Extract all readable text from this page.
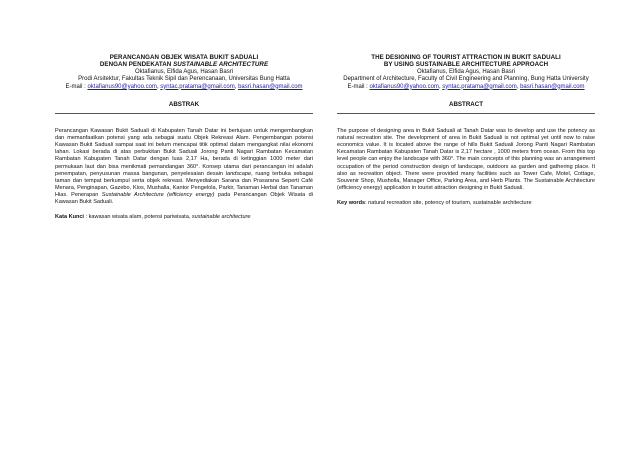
PERANCANGAN OBJEK WISATA BUKIT SADUALI
DENGAN PENDEKATAN SUSTAINABLE ARCHITECTURE
Oktafianus, Elfida Agus, Hasan Basri
Prodi Arsitektur, Fakultas Teknik Sipil dan Perencanaan, Universitas Bung Hatta
E-mail : oktafianus90@yahoo.com, syntac.pratama@gmail.com, basri.hasan@gmail.com
ABSTRAK
Perancangan Kawasan Bukit Saduali di Kabupaten Tanah Datar ini bertujuan untuk mengembangkan dan memanfaatkan potensi yang ada sebagai suatu Objek Rekreasi Alam. Pengembangan potensi Kawasan Bukit Saduali sampai saat ini belum mencapai titik optimal dalam mengangkat nilai ekonomi lahan. Lokasi berada di atas perbukitan Bukit Saduali Jorong Panti Nagari Rambatan Kecamatan Rambatan Kabupaten Tanah Datar dengan luas 2,17 Ha, berada di ketinggian 1000 meter dari permukaan laut dan bisa menikmati pemandangan 360°. Konsep utama dari perancangan ini adalah penempatan, penyusunan massa bangunan, penyelesaian desain landscape, ruang terbuka sebagai taman dan tempat berkumpul serta objek rekreasi. Menyediakan Sarana dan Prasarana Seperti Café Menara, Penginapan, Gazebo, Kios, Mushalla, Kantor Pengelola, Parkir, Tanaman Herbal dan Tanaman Hias. Penerapan Sustainable Architecture (efficiency energy) pada Perancangan Objek Wisata di Kawasan Bukit Saduali.
Kata Kunci : kawasan wisata alam, potensi pariwisata, sustainable architecture
THE DESIGNING OF TOURIST ATTRACTION IN BUKIT SADUALI
BY USING SUSTAINABLE ARCHITECTURE APPROACH
Oktafianus, Elfida Agus, Hasan Basri
Department of Architecture, Faculty of Civil Engineering and Planning, Bung Hatta University
E-mail : oktafianus90@yahoo.com, syntac.pratama@gmail.com, basri.hasan@gmail.com
ABSTRACT
The purpose of designing area in Bukit Saduali at Tanah Datar was to develop and use the potency as natural recreation site. The development of area in Bukit Saduali is not optimal yet until now to raise economics value. It is located above the range of hills Bukit Saduali Jorong Panti Nagari Rambatan Kecamatan Rambatan Kabupaten Tanah Datar is 2,17 hectare , 1000 meters from ocean. From this top level people can enjoy the landscape with 360°. The main concepts of this planning was an arrangement occupation of the period construction design of landscape, outdoors as garden and gathering place. It also as recreation object. There were provided many facilities such as Tower Cafe, Motel, Cottage, Souvenir Shop, Musholla, Manager Office, Parking Area, and Herb Plants. The Sustainable Architecture (efficiency energy) application in tourist attraction designing in Bukit Saduali.
Key words: natural recreation site, potency of tourism, sustainable architecture
